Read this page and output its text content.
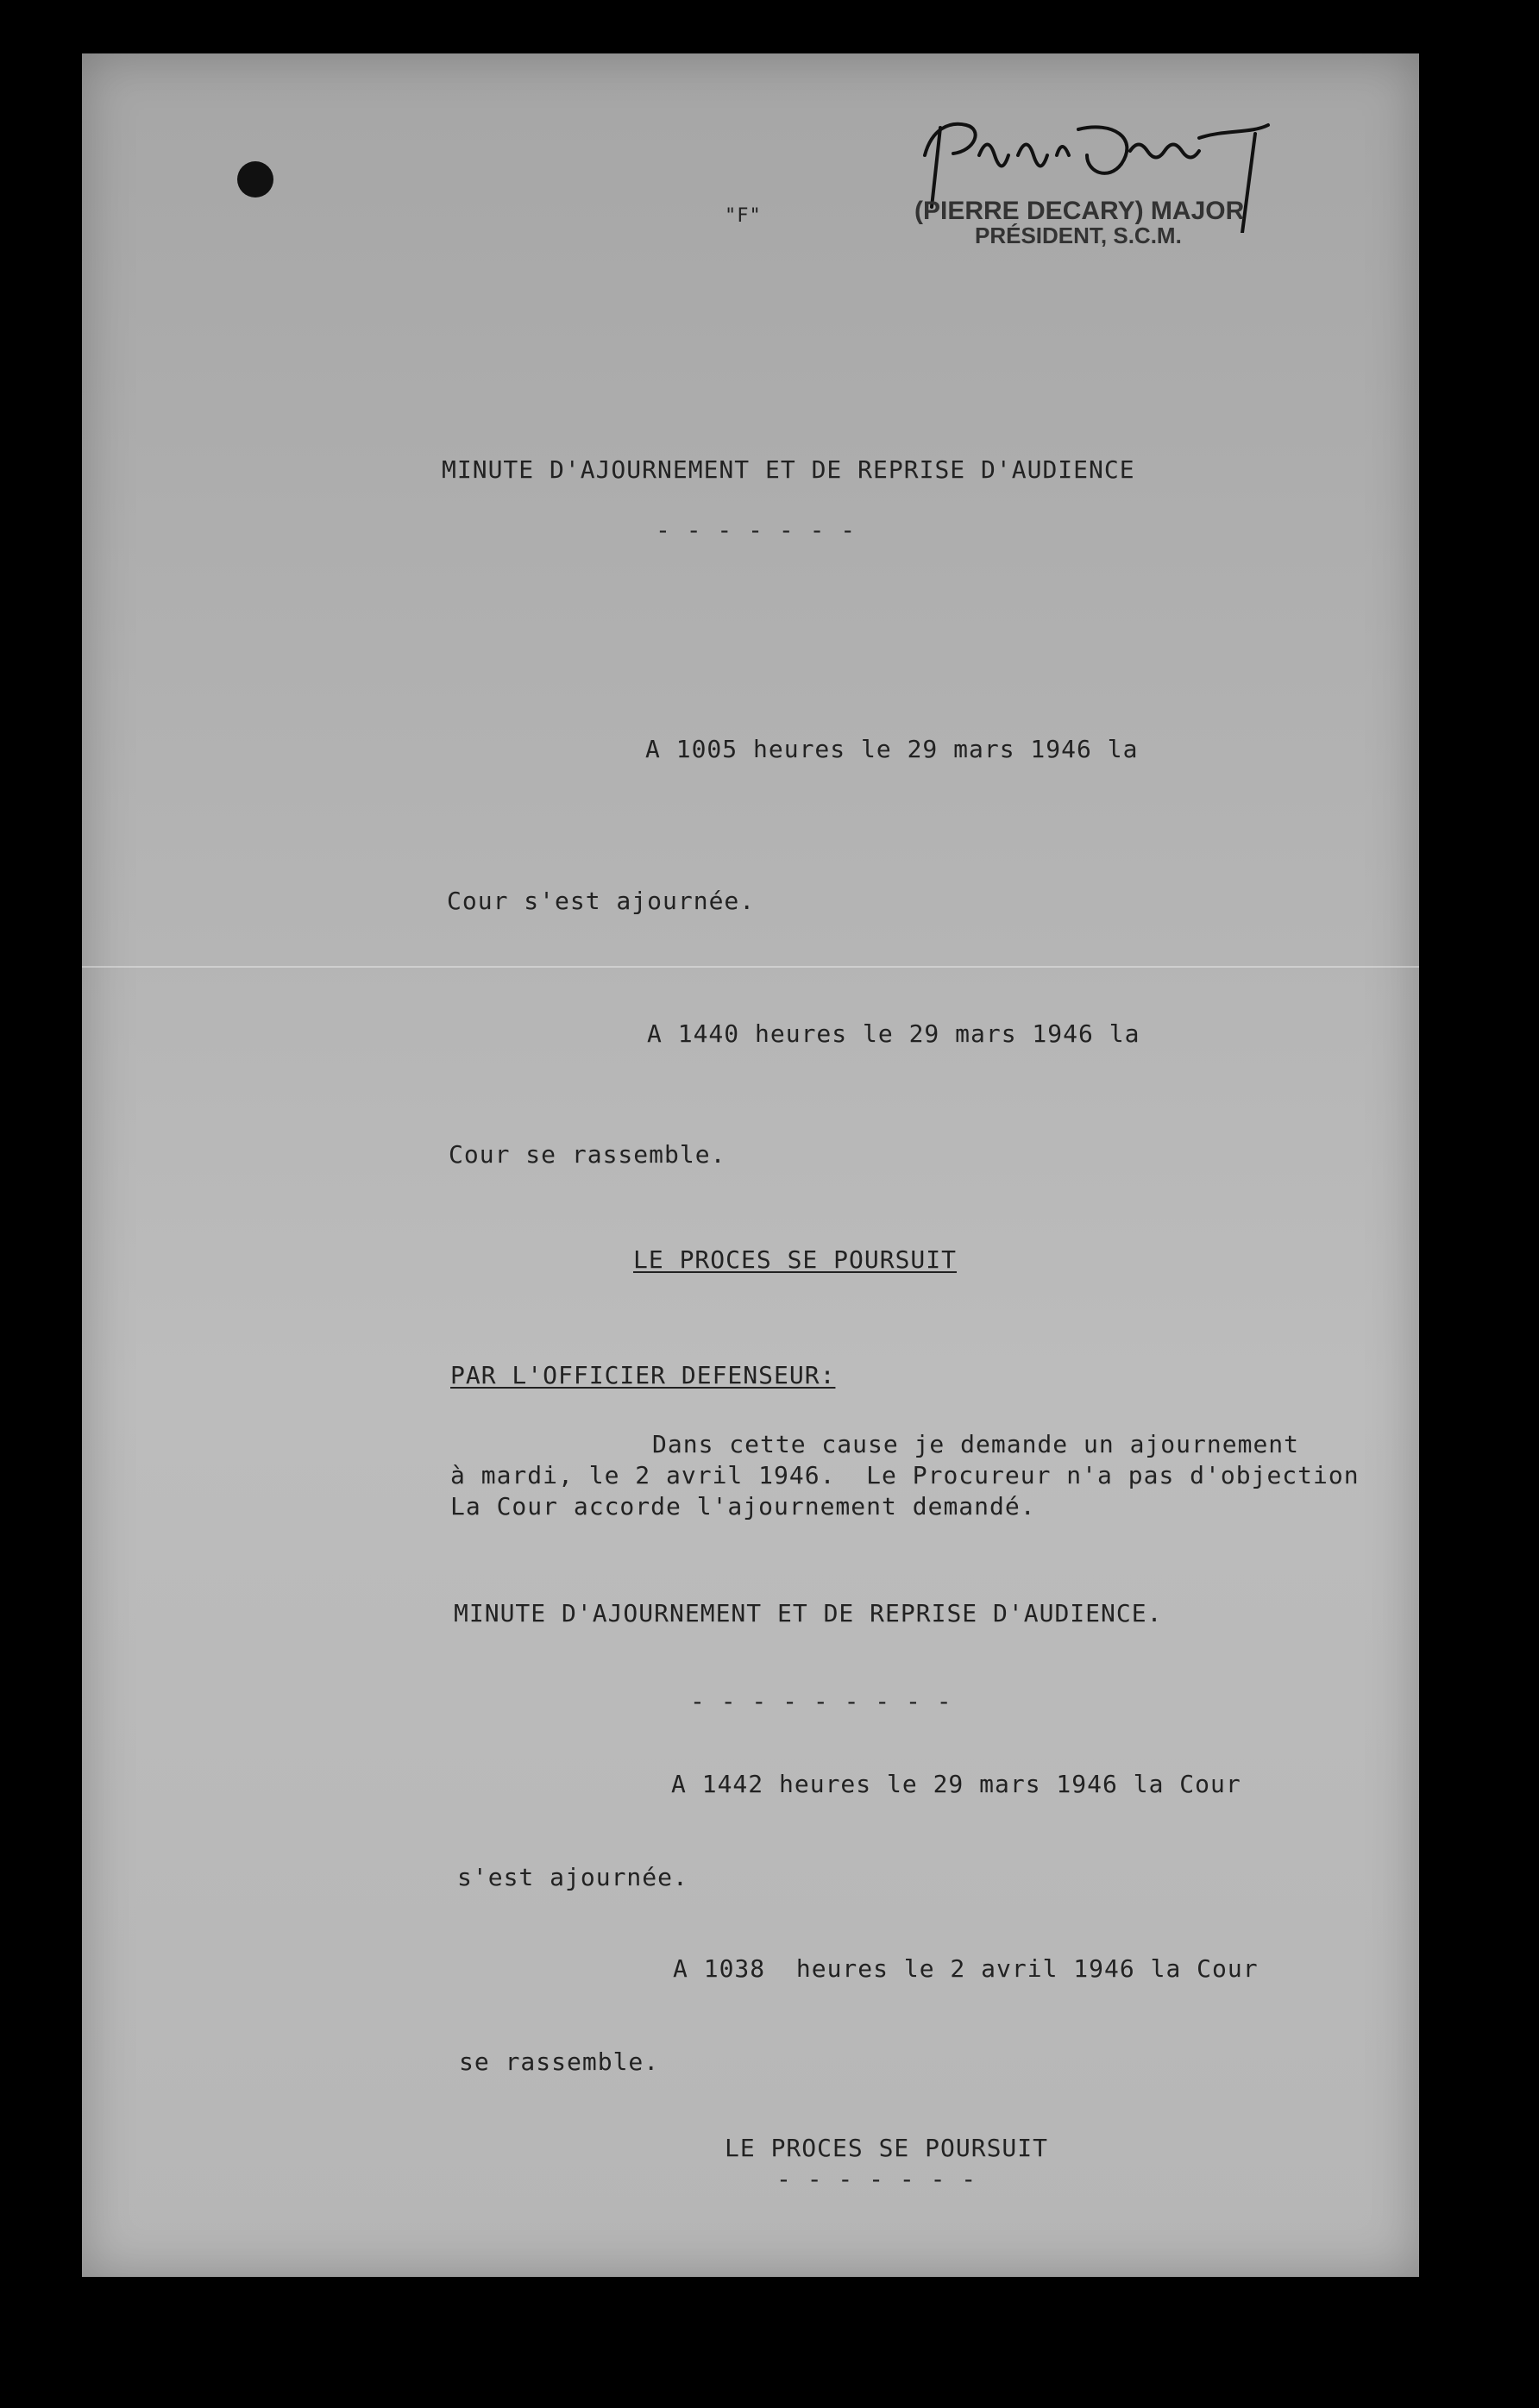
(PIERRE DECARY) MAJOR
PRÉSIDENT, S.C.M.
"F"
MINUTE D'AJOURNEMENT ET DE REPRISE D'AUDIENCE
- - - - - - -
A 1005 heures le 29 mars 1946 la
Cour s'est ajournée.
A 1440 heures le 29 mars 1946 la
Cour se rassemble.
LE PROCES SE POURSUIT
PAR L'OFFICIER DEFENSEUR:
Dans cette cause je demande un ajournement
à mardi, le 2 avril 1946.  Le Procureur n'a pas d'objection
La Cour accorde l'ajournement demandé.
MINUTE D'AJOURNEMENT ET DE REPRISE D'AUDIENCE.
- - - - - - - - -
A 1442 heures le 29 mars 1946 la Cour
s'est ajournée.
A 1038  heures le 2 avril 1946 la Cour
se rassemble.
LE PROCES SE POURSUIT
- - - - - - -
